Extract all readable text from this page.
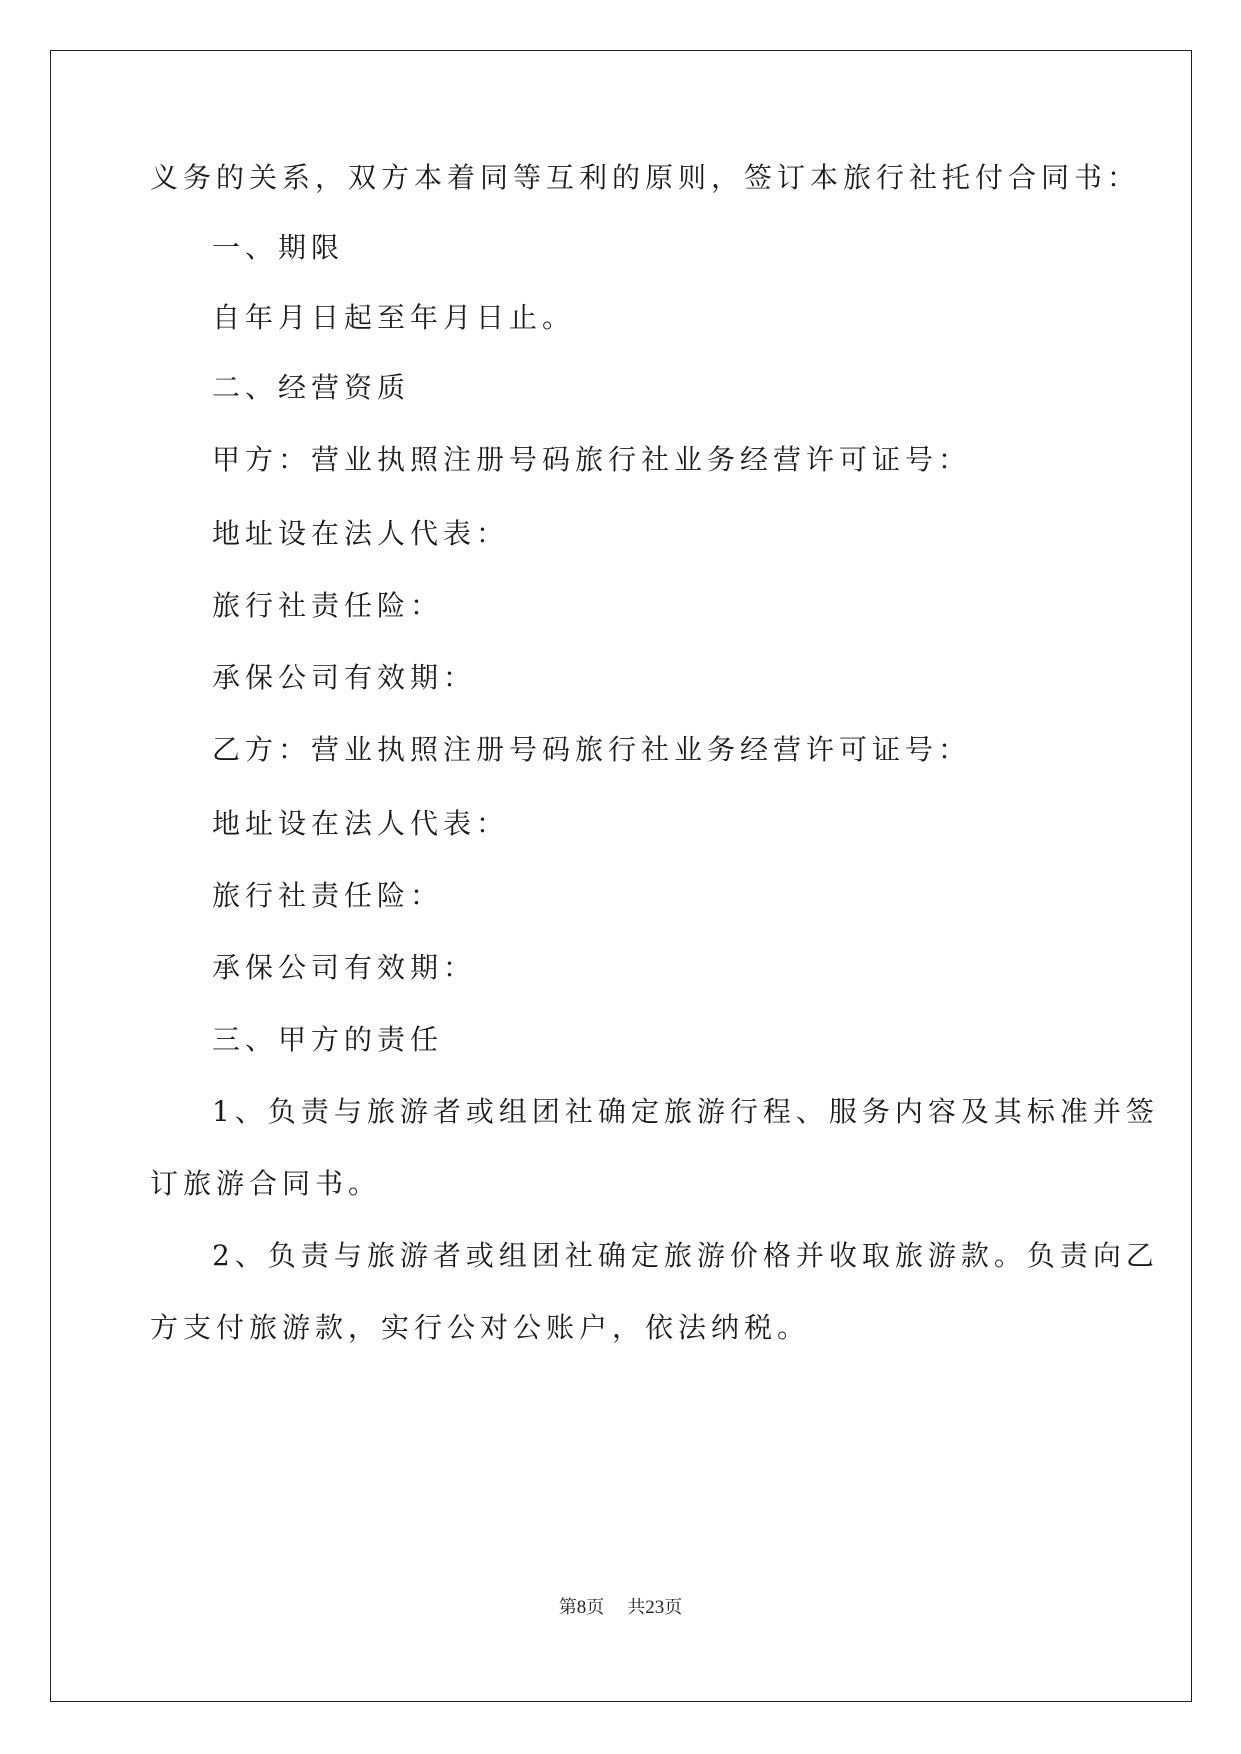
义务的关系，双方本着同等互利的原则，签订本旅行社托付合同书：
一、期限
自年月日起至年月日止。
二、经营资质
甲方：营业执照注册号码旅行社业务经营许可证号：
地址设在法人代表：
旅行社责任险：
承保公司有效期：
乙方：营业执照注册号码旅行社业务经营许可证号：
地址设在法人代表：
旅行社责任险：
承保公司有效期：
三、甲方的责任
1、负责与旅游者或组团社确定旅游行程、服务内容及其标准并签
订旅游合同书。
2、负责与旅游者或组团社确定旅游价格并收取旅游款。负责向乙
方支付旅游款，实行公对公账户，依法纳税。
第8页 共23页
